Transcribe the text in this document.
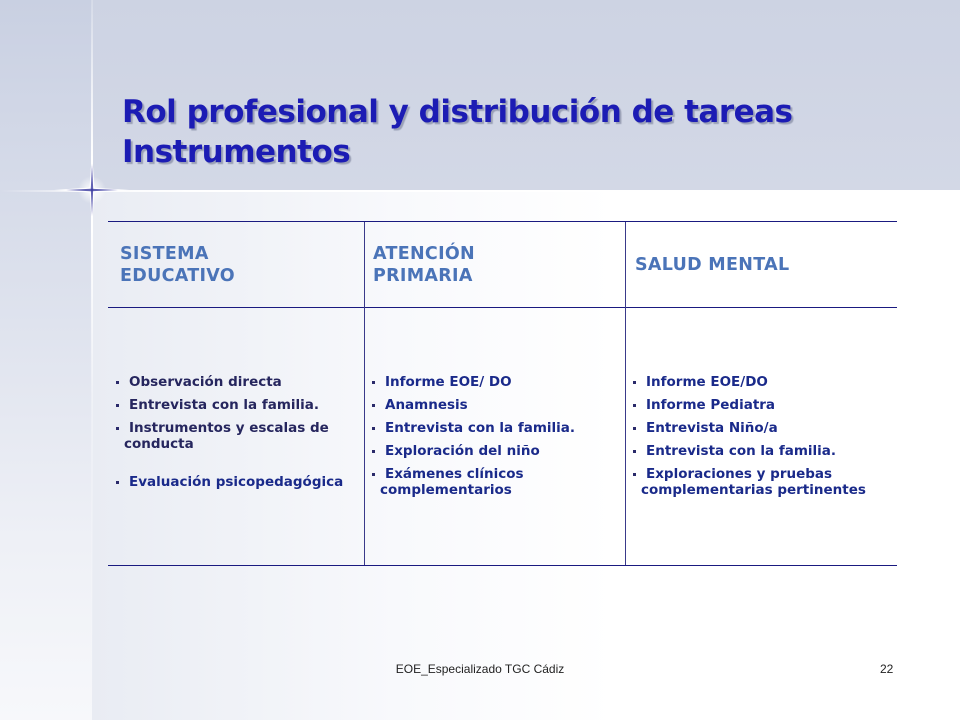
Rol profesional y distribución de tareas
Instrumentos
SISTEMA
EDUCATIVO
ATENCIÓN
PRIMARIA
SALUD MENTAL
Observación directa
Entrevista con la familia.
Instrumentos y escalas de conducta
Evaluación psicopedagógica
Informe EOE/ DO
Anamnesis
Entrevista con la familia.
Exploración del niño
Exámenes clínicos complementarios
Informe EOE/DO
Informe Pediatra
Entrevista Niño/a
Entrevista con la familia.
Exploraciones y pruebas complementarias pertinentes
EOE_Especializado TGC Cádiz	22
